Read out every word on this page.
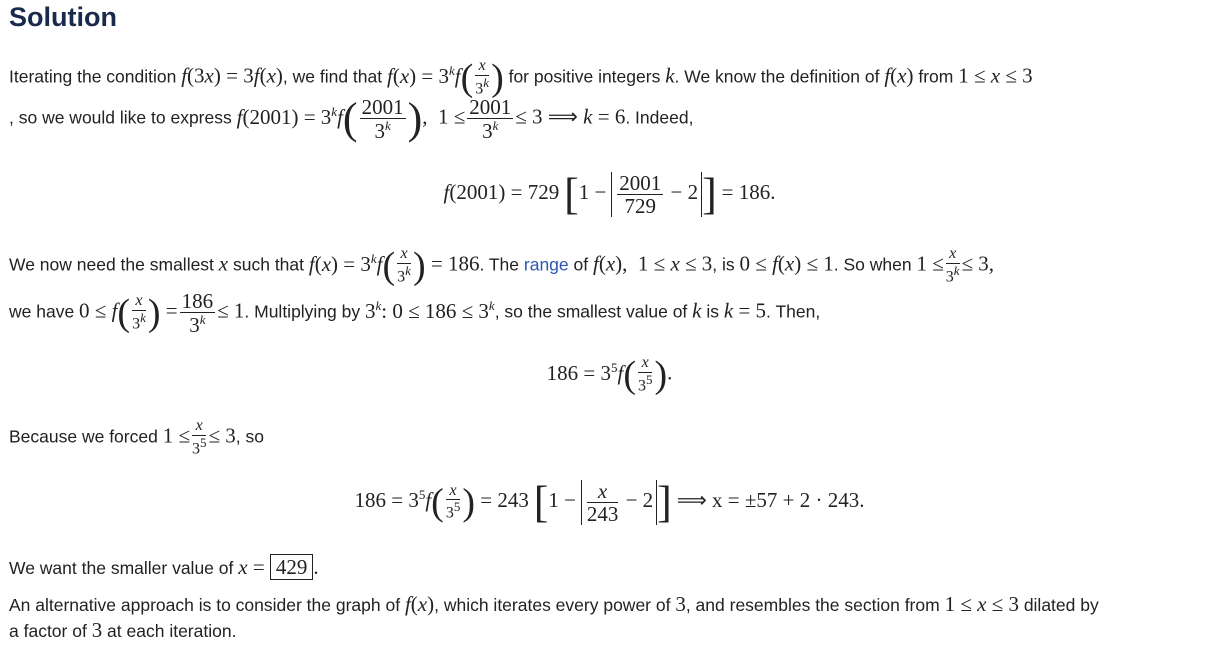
Solution
Iterating the condition f(3x) = 3f(x), we find that $f(x) = 3^kf( \frac{x}{3^k}$ ) for positive integers k. We know the definition of f(x) from 1 ≤ x ≤ 3
, so we would like to express $f(2001) = 3^kf( \frac{2001}{3^k}$ ),  $1 \le \frac{2001}{3^k} \le 3$ ⟹ k = 6. Indeed,
f(2001) = 729 $[1 - \frac{2001}{729} - 2] = 186$.
We now need the smallest x such that $f(x) = 3^kf( \frac{x}{3^k}$ ) = 186. The range of f(x),  1 ≤ x ≤ 3, is 0 ≤ f(x) ≤ 1. So when $1 \le \frac{x}{3^k} \le 3$,
we have $0 \le f( \frac{x}{3^k}$ ) = $\frac{186}{3^k} \le 1$. Multiplying by 3$^k$: $0 \le 186 \le 3^k$, so the smallest value of k is k = 5. Then,
$186 = 3^5f( \frac{x}{3^5}$ ).
Because we forced $1 \le \frac{x}{3^5} \le 3$, so
$186 = 3^5f( \frac{x}{3^5}$ ) = 243 $[1 - \frac{x}{243} - 2]$ ⟹ x = ±57 + 2 · 243.
We want the smaller value of x = 429 .
An alternative approach is to consider the graph of f(x), which iterates every power of 3, and resembles the section from 1 ≤ x ≤ 3 dilated by
a factor of 3 at each iteration.
